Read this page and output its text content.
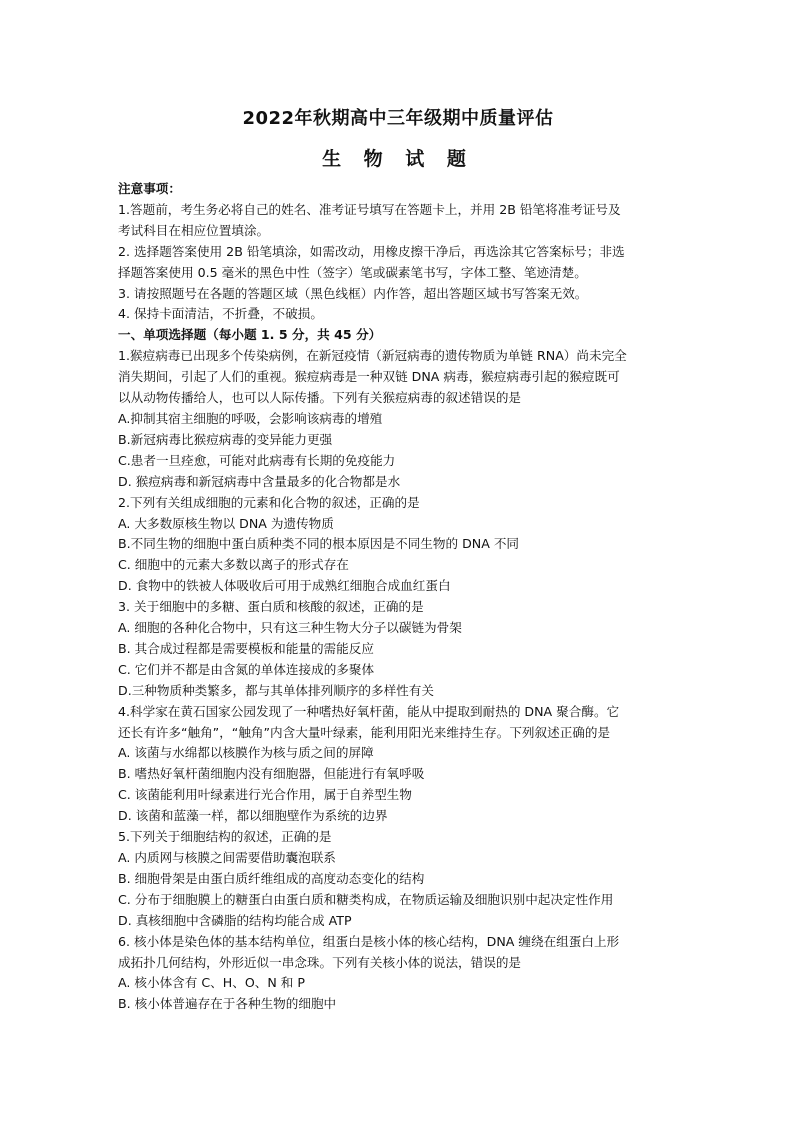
2022年秋期高中三年级期中质量评估
生 物 试 题
注意事项：
1.答题前，考生务必将自己的姓名、准考证号填写在答题卡上，并用 2B 铅笔将准考证号及
考试科目在相应位置填涂。
2. 选择题答案使用 2B 铅笔填涂，如需改动，用橡皮擦干净后，再选涂其它答案标号；非选
择题答案使用 0.5 毫米的黑色中性（签字）笔或碳素笔书写，字体工整、笔迹清楚。
3. 请按照题号在各题的答题区域（黑色线框）内作答，超出答题区域书写答案无效。
4. 保持卡面清洁，不折叠，不破损。
一、单项选择题（每小题 1. 5 分，共 45 分）
1.猴痘病毒已出现多个传染病例，在新冠疫情（新冠病毒的遗传物质为单链 RNA）尚未完全
消失期间，引起了人们的重视。猴痘病毒是一种双链 DNA 病毒，猴痘病毒引起的猴痘既可
以从动物传播给人，也可以人际传播。下列有关猴痘病毒的叙述错误的是
A.抑制其宿主细胞的呼吸，会影响该病毒的增殖
B.新冠病毒比猴痘病毒的变异能力更强
C.患者一旦痊愈，可能对此病毒有长期的免疫能力
D. 猴痘病毒和新冠病毒中含量最多的化合物都是水
2.下列有关组成细胞的元素和化合物的叙述，正确的是
A. 大多数原核生物以 DNA 为遗传物质
B.不同生物的细胞中蛋白质种类不同的根本原因是不同生物的 DNA 不同
C. 细胞中的元素大多数以离子的形式存在
D. 食物中的铁被人体吸收后可用于成熟红细胞合成血红蛋白
3. 关于细胞中的多糖、蛋白质和核酸的叙述，正确的是
A. 细胞的各种化合物中，只有这三种生物大分子以碳链为骨架
B. 其合成过程都是需要模板和能量的需能反应
C. 它们并不都是由含氮的单体连接成的多聚体
D.三种物质种类繁多，都与其单体排列顺序的多样性有关
4.科学家在黄石国家公园发现了一种嗜热好氧杆菌，能从中提取到耐热的 DNA 聚合酶。它
还长有许多“触角”，“触角”内含大量叶绿素，能利用阳光来维持生存。下列叙述正确的是
A. 该菌与水绵都以核膜作为核与质之间的屏障
B. 嗜热好氧杆菌细胞内没有细胞器，但能进行有氧呼吸
C. 该菌能利用叶绿素进行光合作用，属于自养型生物
D. 该菌和蓝藻一样，都以细胞壁作为系统的边界
5.下列关于细胞结构的叙述，正确的是
A. 内质网与核膜之间需要借助囊泡联系
B. 细胞骨架是由蛋白质纤维组成的高度动态变化的结构
C. 分布于细胞膜上的糖蛋白由蛋白质和糖类构成，在物质运输及细胞识别中起决定性作用
D. 真核细胞中含磷脂的结构均能合成 ATP
6. 核小体是染色体的基本结构单位，组蛋白是核小体的核心结构，DNA 缠绕在组蛋白上形
成拓扑几何结构，外形近似一串念珠。下列有关核小体的说法，错误的是
A. 核小体含有 C、H、O、N 和 P
B. 核小体普遍存在于各种生物的细胞中
